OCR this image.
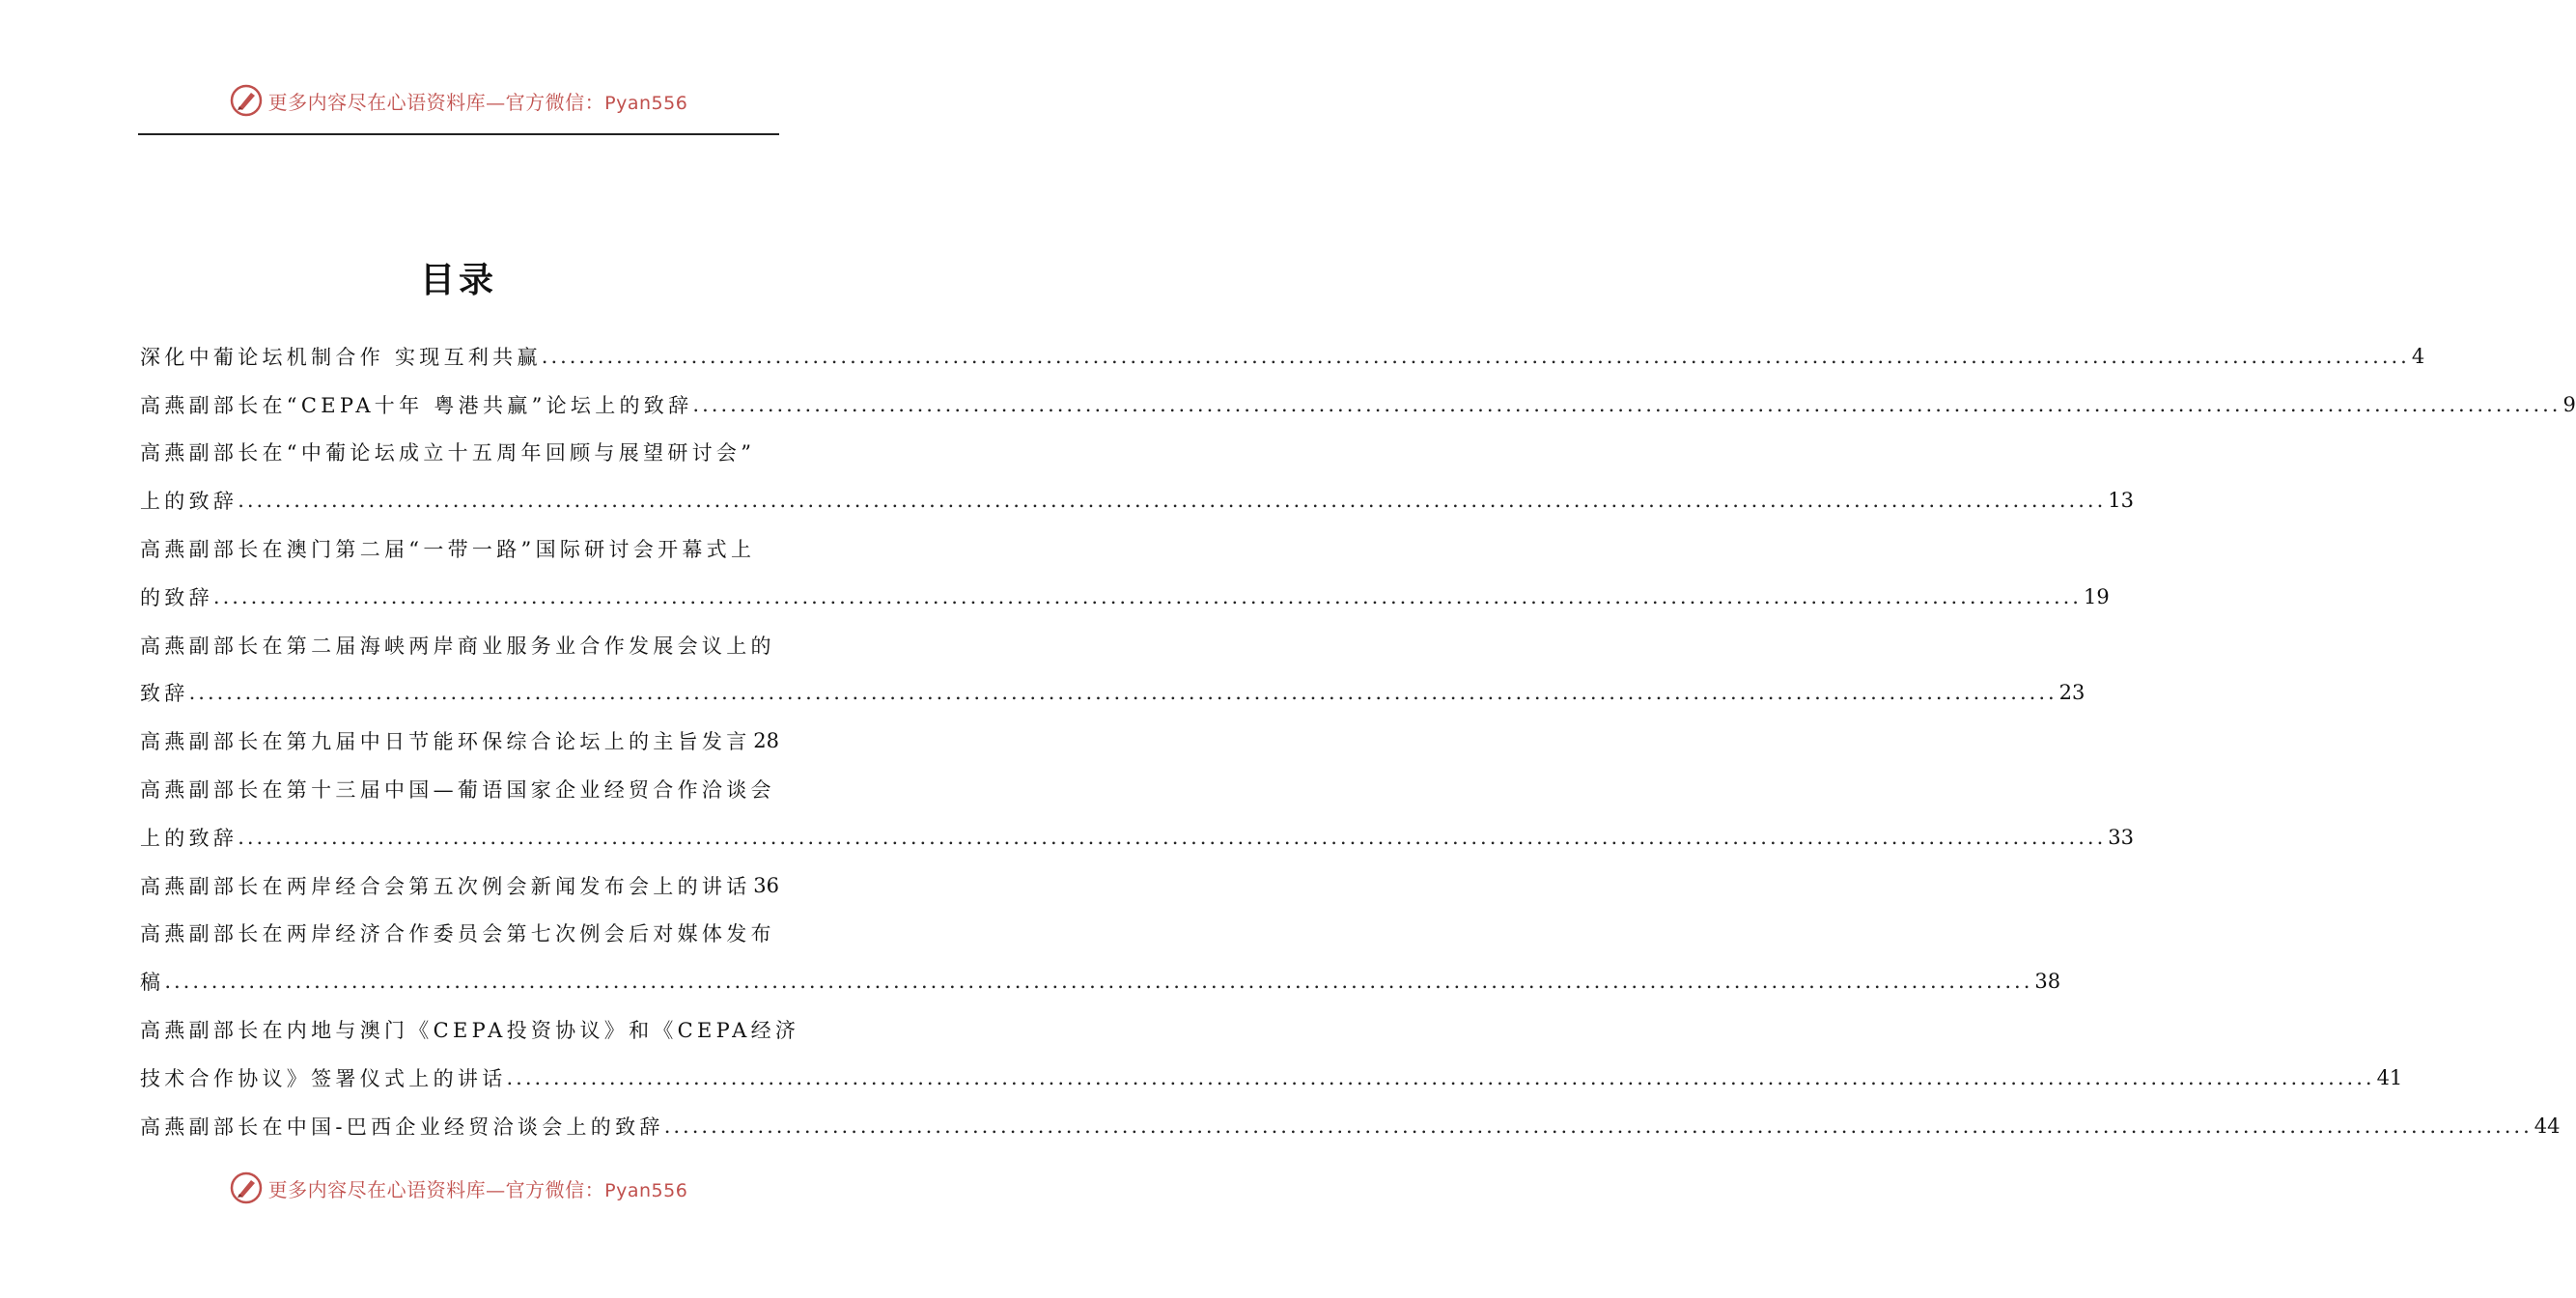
更多内容尽在心语资料库—官方微信：Pyan556
目录
深化中葡论坛机制合作 实现互利共赢 ........................................................................................................................................................................................................ 4
高燕副部长在“CEPA十年 粤港共赢”论坛上的致辞 ........................................................................................................................................................................................................ 9
高燕副部长在“中葡论坛成立十五周年回顾与展望研讨会”
上的致辞 ........................................................................................................................................................................................................ 13
高燕副部长在澳门第二届“一带一路”国际研讨会开幕式上
的致辞 ........................................................................................................................................................................................................ 19
高燕副部长在第二届海峡两岸商业服务业合作发展会议上的
致辞 ........................................................................................................................................................................................................ 23
高燕副部长在第九届中日节能环保综合论坛上的主旨发言 28
高燕副部长在第十三届中国—葡语国家企业经贸合作洽谈会
上的致辞 ........................................................................................................................................................................................................ 33
高燕副部长在两岸经合会第五次例会新闻发布会上的讲话 36
高燕副部长在两岸经济合作委员会第七次例会后对媒体发布
稿 ........................................................................................................................................................................................................ 38
高燕副部长在内地与澳门《CEPA投资协议》和《CEPA经济
技术合作协议》签署仪式上的讲话 ........................................................................................................................................................................................................ 41
高燕副部长在中国-巴西企业经贸洽谈会上的致辞 ........................................................................................................................................................................................................ 44
更多内容尽在心语资料库—官方微信：Pyan556
